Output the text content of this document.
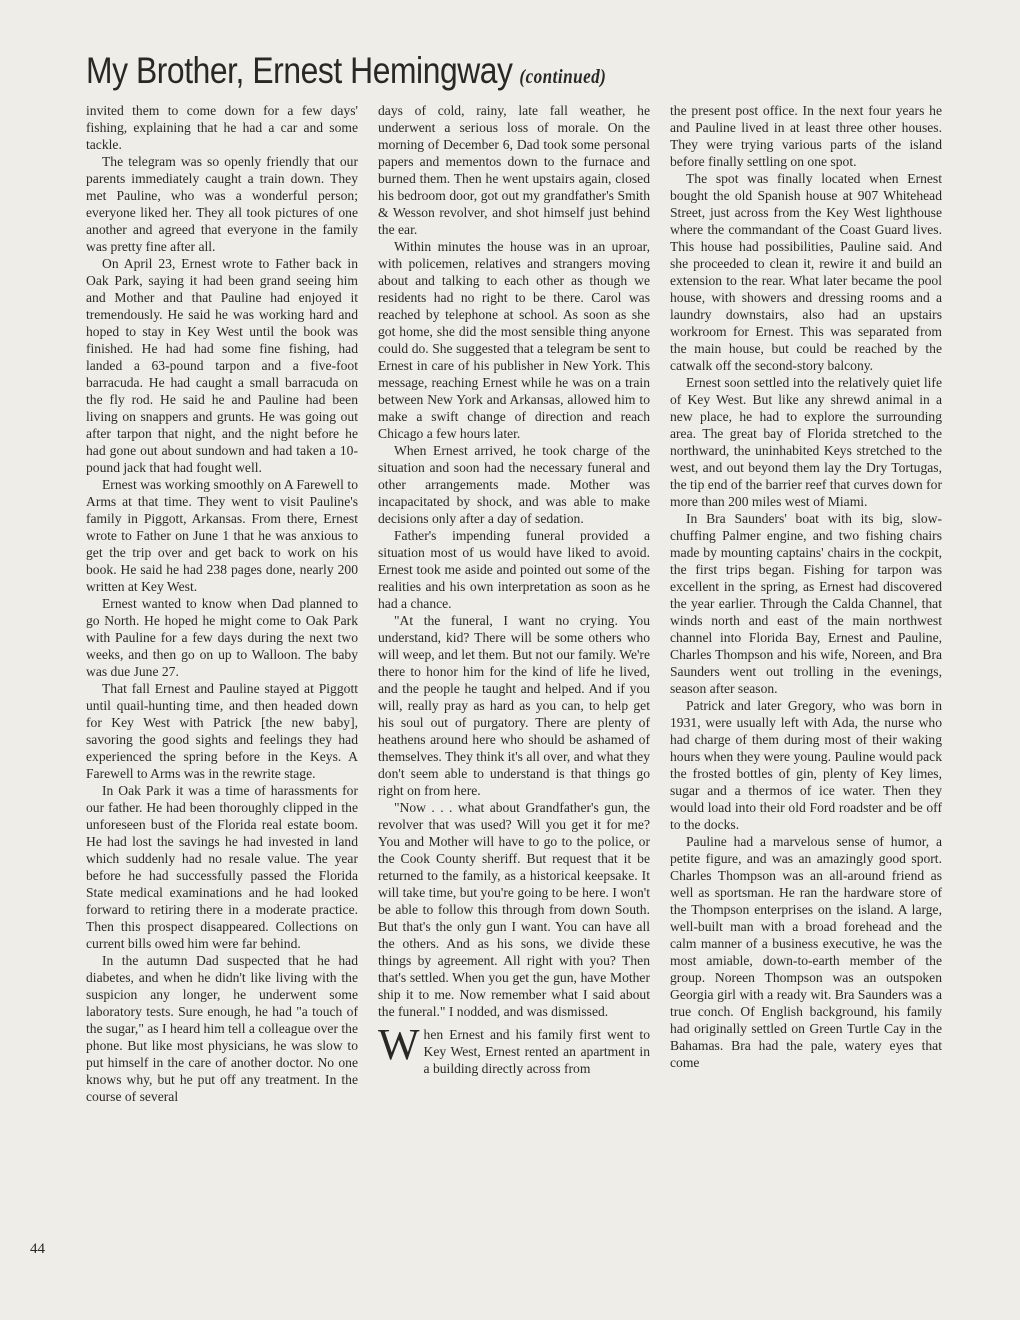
My Brother, Ernest Hemingway (continued)

invited them to come down for a few days' fishing, explaining that he had a car and some tackle.

The telegram was so openly friendly that our parents immediately caught a train down. They met Pauline, who was a wonderful person; everyone liked her. They all took pictures of one another and agreed that everyone in the family was pretty fine after all.

On April 23, Ernest wrote to Father back in Oak Park, saying it had been grand seeing him and Mother and that Pauline had enjoyed it tremendously. He said he was working hard and hoped to stay in Key West until the book was finished. He had had some fine fishing, had landed a 63-pound tarpon and a five-foot barracuda. He had caught a small barracuda on the fly rod. He said he and Pauline had been living on snappers and grunts. He was going out after tarpon that night, and the night before he had gone out about sundown and had taken a 10-pound jack that had fought well.

Ernest was working smoothly on A Farewell to Arms at that time. They went to visit Pauline's family in Piggott, Arkansas. From there, Ernest wrote to Father on June 1 that he was anxious to get the trip over and get back to work on his book. He said he had 238 pages done, nearly 200 written at Key West.

Ernest wanted to know when Dad planned to go North. He hoped he might come to Oak Park with Pauline for a few days during the next two weeks, and then go on up to Walloon. The baby was due June 27.

That fall Ernest and Pauline stayed at Piggott until quail-hunting time, and then headed down for Key West with Patrick [the new baby], savoring the good sights and feelings they had experienced the spring before in the Keys. A Farewell to Arms was in the rewrite stage.

In Oak Park it was a time of harassments for our father. He had been thoroughly clipped in the unforeseen bust of the Florida real estate boom. He had lost the savings he had invested in land which suddenly had no resale value. The year before he had successfully passed the Florida State medical examinations and he had looked forward to retiring there in a moderate practice. Then this prospect disappeared. Collections on current bills owed him were far behind.

In the autumn Dad suspected that he had diabetes, and when he didn't like living with the suspicion any longer, he underwent some laboratory tests. Sure enough, he had "a touch of the sugar," as I heard him tell a colleague over the phone. But like most physicians, he was slow to put himself in the care of another doctor. No one knows why, but he put off any treatment. In the course of several

days of cold, rainy, late fall weather, he underwent a serious loss of morale. On the morning of December 6, Dad took some personal papers and mementos down to the furnace and burned them. Then he went upstairs again, closed his bedroom door, got out my grandfather's Smith & Wesson revolver, and shot himself just behind the ear.

Within minutes the house was in an uproar, with policemen, relatives and strangers moving about and talking to each other as though we residents had no right to be there. Carol was reached by telephone at school. As soon as she got home, she did the most sensible thing anyone could do. She suggested that a telegram be sent to Ernest in care of his publisher in New York. This message, reaching Ernest while he was on a train between New York and Arkansas, allowed him to make a swift change of direction and reach Chicago a few hours later.

When Ernest arrived, he took charge of the situation and soon had the necessary funeral and other arrangements made. Mother was incapacitated by shock, and was able to make decisions only after a day of sedation.

Father's impending funeral provided a situation most of us would have liked to avoid. Ernest took me aside and pointed out some of the realities and his own interpretation as soon as he had a chance.

"At the funeral, I want no crying. You understand, kid? There will be some others who will weep, and let them. But not our family. We're there to honor him for the kind of life he lived, and the people he taught and helped. And if you will, really pray as hard as you can, to help get his soul out of purgatory. There are plenty of heathens around here who should be ashamed of themselves. They think it's all over, and what they don't seem able to understand is that things go right on from here.

"Now . . . what about Grandfather's gun, the revolver that was used? Will you get it for me? You and Mother will have to go to the police, or the Cook County sheriff. But request that it be returned to the family, as a historical keepsake. It will take time, but you're going to be here. I won't be able to follow this through from down South. But that's the only gun I want. You can have all the others. And as his sons, we divide these things by agreement. All right with you? Then that's settled. When you get the gun, have Mother ship it to me. Now remember what I said about the funeral." I nodded, and was dismissed.

When Ernest and his family first went to Key West, Ernest rented an apartment in a building directly across from

the present post office. In the next four years he and Pauline lived in at least three other houses. They were trying various parts of the island before finally settling on one spot.

The spot was finally located when Ernest bought the old Spanish house at 907 Whitehead Street, just across from the Key West lighthouse where the commandant of the Coast Guard lives. This house had possibilities, Pauline said. And she proceeded to clean it, rewire it and build an extension to the rear. What later became the pool house, with showers and dressing rooms and a laundry downstairs, also had an upstairs workroom for Ernest. This was separated from the main house, but could be reached by the catwalk off the second-story balcony.

Ernest soon settled into the relatively quiet life of Key West. But like any shrewd animal in a new place, he had to explore the surrounding area. The great bay of Florida stretched to the northward, the uninhabited Keys stretched to the west, and out beyond them lay the Dry Tortugas, the tip end of the barrier reef that curves down for more than 200 miles west of Miami.

In Bra Saunders' boat with its big, slow-chuffing Palmer engine, and two fishing chairs made by mounting captains' chairs in the cockpit, the first trips began. Fishing for tarpon was excellent in the spring, as Ernest had discovered the year earlier. Through the Calda Channel, that winds north and east of the main northwest channel into Florida Bay, Ernest and Pauline, Charles Thompson and his wife, Noreen, and Bra Saunders went out trolling in the evenings, season after season.

Patrick and later Gregory, who was born in 1931, were usually left with Ada, the nurse who had charge of them during most of their waking hours when they were young. Pauline would pack the frosted bottles of gin, plenty of Key limes, sugar and a thermos of ice water. Then they would load into their old Ford roadster and be off to the docks.

Pauline had a marvelous sense of humor, a petite figure, and was an amazingly good sport. Charles Thompson was an all-around friend as well as sportsman. He ran the hardware store of the Thompson enterprises on the island. A large, well-built man with a broad forehead and the calm manner of a business executive, he was the most amiable, down-to-earth member of the group. Noreen Thompson was an outspoken Georgia girl with a ready wit. Bra Saunders was a true conch. Of English background, his family had originally settled on Green Turtle Cay in the Bahamas. Bra had the pale, watery eyes that come

44
